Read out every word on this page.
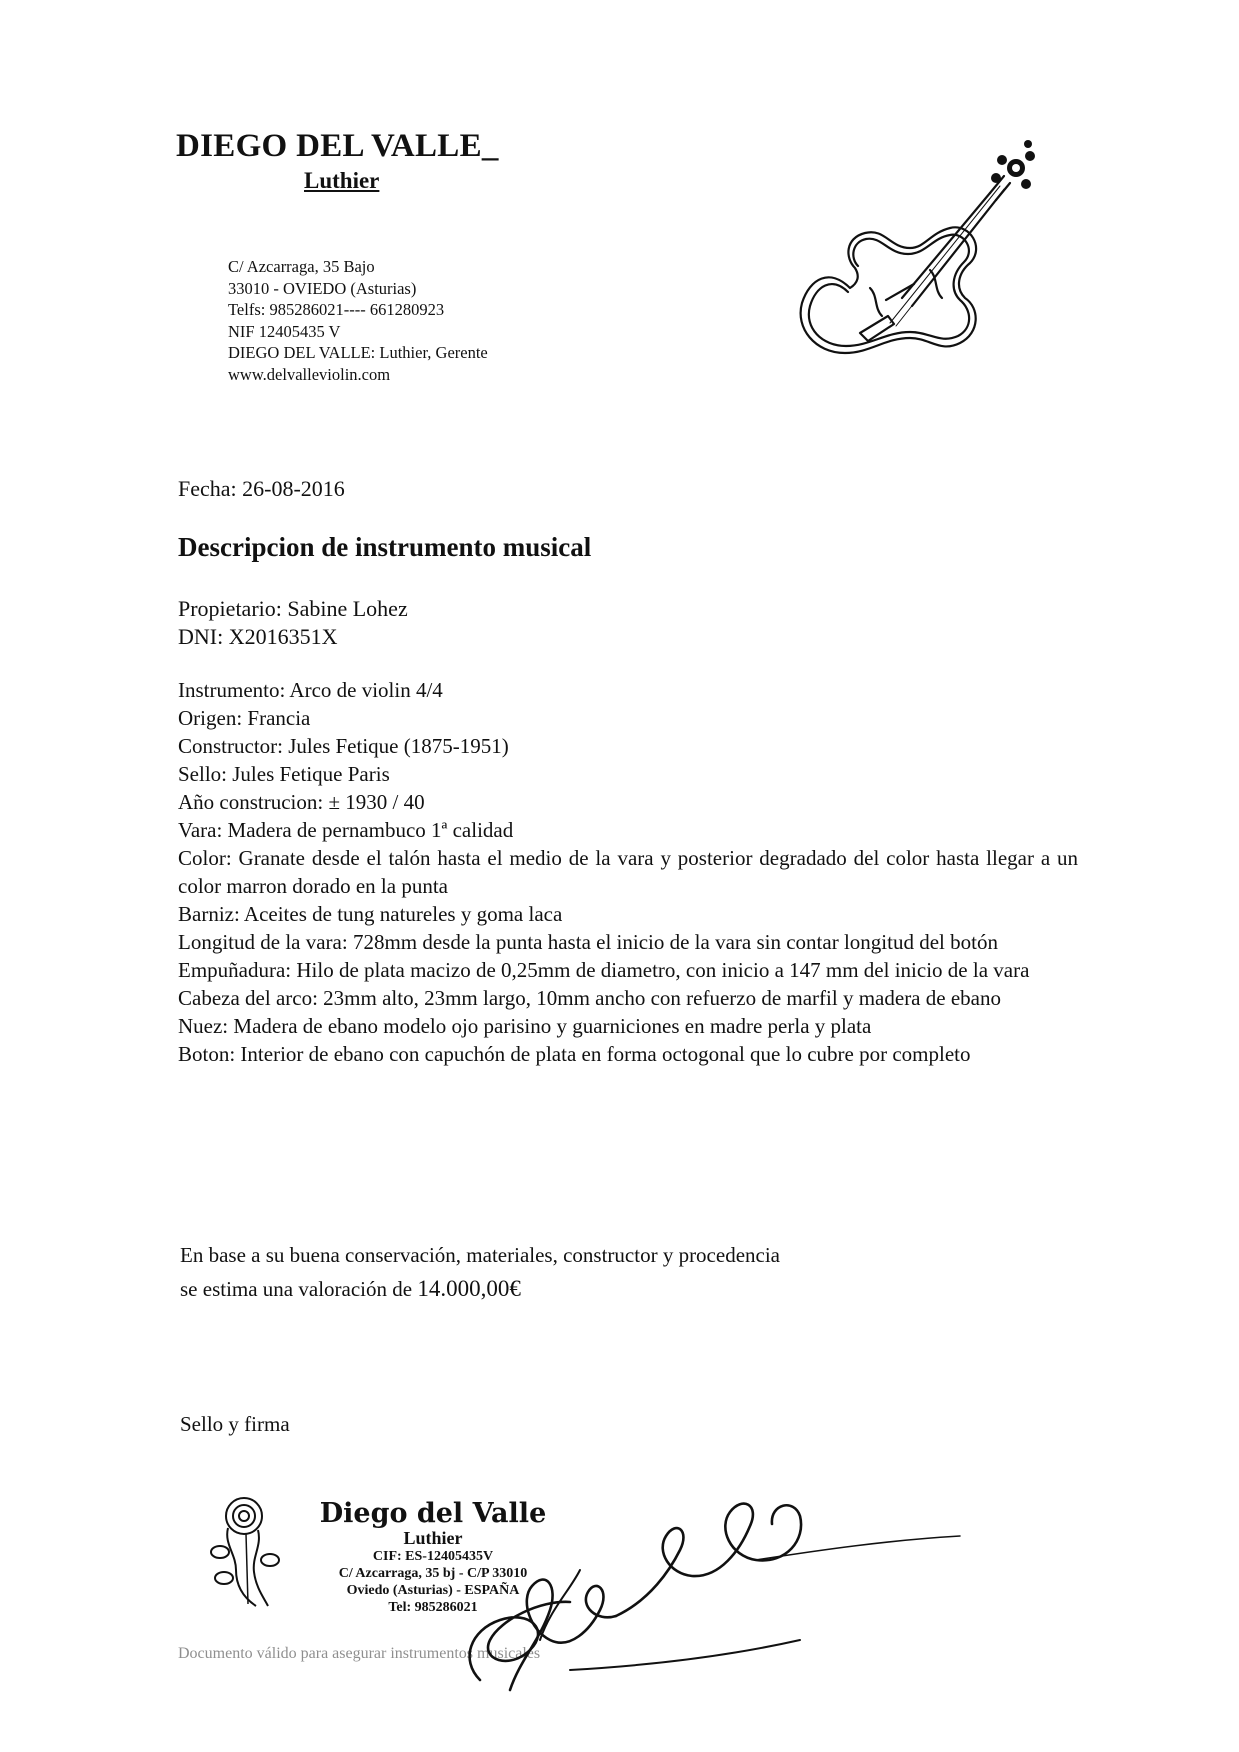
DIEGO DEL VALLE_
Luthier
C/ Azcarraga, 35 Bajo
33010 - OVIEDO (Asturias)
Telfs: 985286021---- 661280923
NIF 12405435 V
DIEGO DEL VALLE: Luthier, Gerente
www.delvalleviolin.com
Fecha: 26-08-2016
Descripcion de instrumento musical
Propietario: Sabine Lohez
DNI: X2016351X
Instrumento: Arco de violin 4/4
Origen: Francia
Constructor: Jules Fetique (1875-1951)
Sello: Jules Fetique Paris
Año construcion: ± 1930 / 40
Vara: Madera de pernambuco 1ª calidad
Color: Granate desde el talón hasta el medio de la vara y posterior degradado del color hasta llegar a un color marron dorado en la punta
Barniz: Aceites de tung natureles y goma laca
Longitud de la vara: 728mm desde la punta hasta el inicio de la vara sin contar longitud del botón
Empuñadura: Hilo de plata macizo de 0,25mm de diametro, con inicio a 147 mm del inicio de la vara
Cabeza del arco: 23mm alto, 23mm largo, 10mm ancho con refuerzo de marfil y madera de ebano
Nuez: Madera de ebano modelo ojo parisino y guarniciones en madre perla y plata
Boton: Interior de ebano con capuchón de plata en forma octogonal que lo cubre por completo
En base a su buena conservación, materiales, constructor y procedencia
se estima una valoración de 14.000,00€
Sello y firma
Diego del Valle
Luthier
CIF: ES-12405435V
C/ Azcarraga, 35 bj - C/P 33010
Oviedo (Asturias) - ESPAÑA
Tel: 985286021
Documento válido para asegurar instrumentos musicales
